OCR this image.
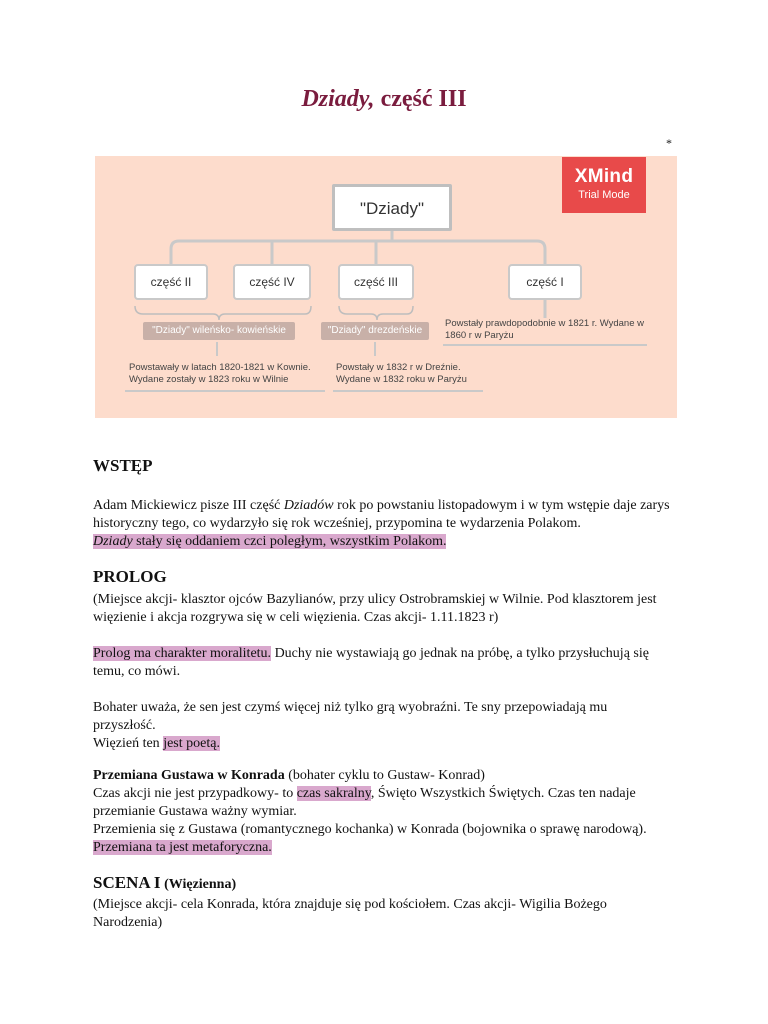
Dziady, część III
*
XMind
Trial Mode
"Dziady"
część II	część IV	część III	część I
"Dziady" wileńsko- kowieńskie	"Dziady" drezdeńskie
Powstawały w latach 1820-1821 w Kownie. Wydane zostały w 1823 roku w Wilnie
Powstały w 1832 r w Dreźnie. Wydane w 1832 roku w Paryżu
Powstały prawdopodobnie w 1821 r. Wydane w 1860 r w Paryżu
WSTĘP

Adam Mickiewicz pisze III część Dziadów rok po powstaniu listopadowym i w tym wstępie daje zarys historyczny tego, co wydarzyło się rok wcześniej, przypomina te wydarzenia Polakom.

Dziady stały się oddaniem czci poległym, wszystkim Polakom.

PROLOG

(Miejsce akcji- klasztor ojców Bazylianów, przy ulicy Ostrobramskiej w Wilnie. Pod klasztorem jest więzienie i akcja rozgrywa się w celi więzienia. Czas akcji- 1.11.1823 r)

Prolog ma charakter moralitetu. Duchy nie wystawiają go jednak na próbę, a tylko przysłuchują się temu, co mówi.

Bohater uważa, że sen jest czymś więcej niż tylko grą wyobraźni. Te sny przepowiadają mu przyszłość.

Więzień ten jest poetą.

Przemiana Gustawa w Konrada (bohater cyklu to Gustaw- Konrad)

Czas akcji nie jest przypadkowy- to czas sakralny, Święto Wszystkich Świętych. Czas ten nadaje przemianie Gustawa ważny wymiar.

Przemienia się z Gustawa (romantycznego kochanka) w Konrada (bojownika o sprawę narodową).

Przemiana ta jest metaforyczna.

SCENA I (Więzienna)

(Miejsce akcji- cela Konrada, która znajduje się pod kościołem. Czas akcji- Wigilia Bożego Narodzenia)
